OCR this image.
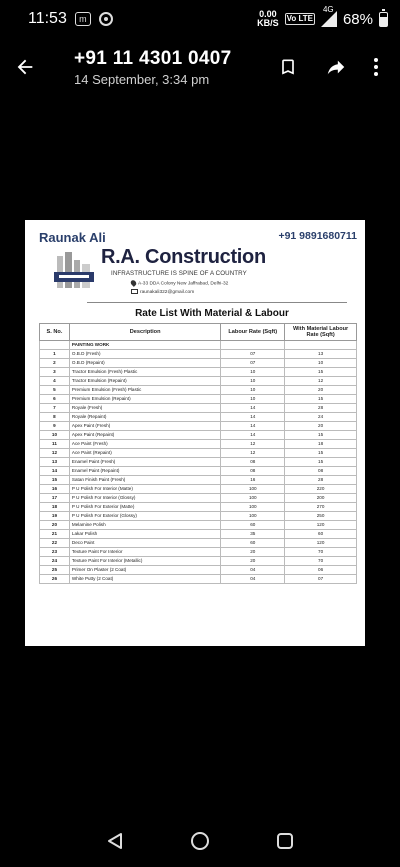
11:53	m	0.00
KB/S Vo LTE
4G
68%
+91 11 4301 0407
14 September, 3:34 pm
Raunak Ali	+91 9891680711
R.A. Construction
INFRASTRUCTURE IS SPINE OF A COUNTRY
A-33 DDA Colony New Jaffrabad, Delhi-32
raunakali322@gmail.com
Rate List With Material & Labour
S. No.	Description	Labour Rate (Sqft)	With Material Labour Rate (Sqft)
	PAINTING WORK		
1	O.B.D (Fresh)	07	13
2	O.B.D (Repaint)	07	10
3	Tractor Emulsion (Fresh) Plastic	10	15
4	Tractor Emulsion (Repaint)	10	12
5	Premium Emulsion (Fresh) Plastic	10	20
6	Premium Emulsion (Repaint)	10	15
7	Royale (Fresh)	14	28
8	Royale (Repaint)	14	24
9	Apex Paint (Fresh)	14	20
10	Apex Paint (Repaint)	14	15
11	Ace Paint (Fresh)	12	18
12	Ace Paint (Repaint)	12	15
13	Enamel Paint (Fresh)	08	15
14	Enamel Paint (Repaint)	08	08
15	Satan Finish Paint (Fresh)	16	28
16	P U Polish For Interior (Matte)	100	220
17	P U Polish For Interior (Glossy)	100	200
18	P U Polish For Exterior (Matte)	100	270
19	P U Polish For Exterior (Glossy)	100	250
20	Melamine Polish	60	120
21	Lakar Polish	35	60
22	Deco Paint	60	120
23	Texture Paint For Interior	20	70
24	Texture Paint For Interior (Metallic)	20	70
25	Primer On Plaster (2 Coat)	04	06
26	White Putty (2 Coat)	04	07
